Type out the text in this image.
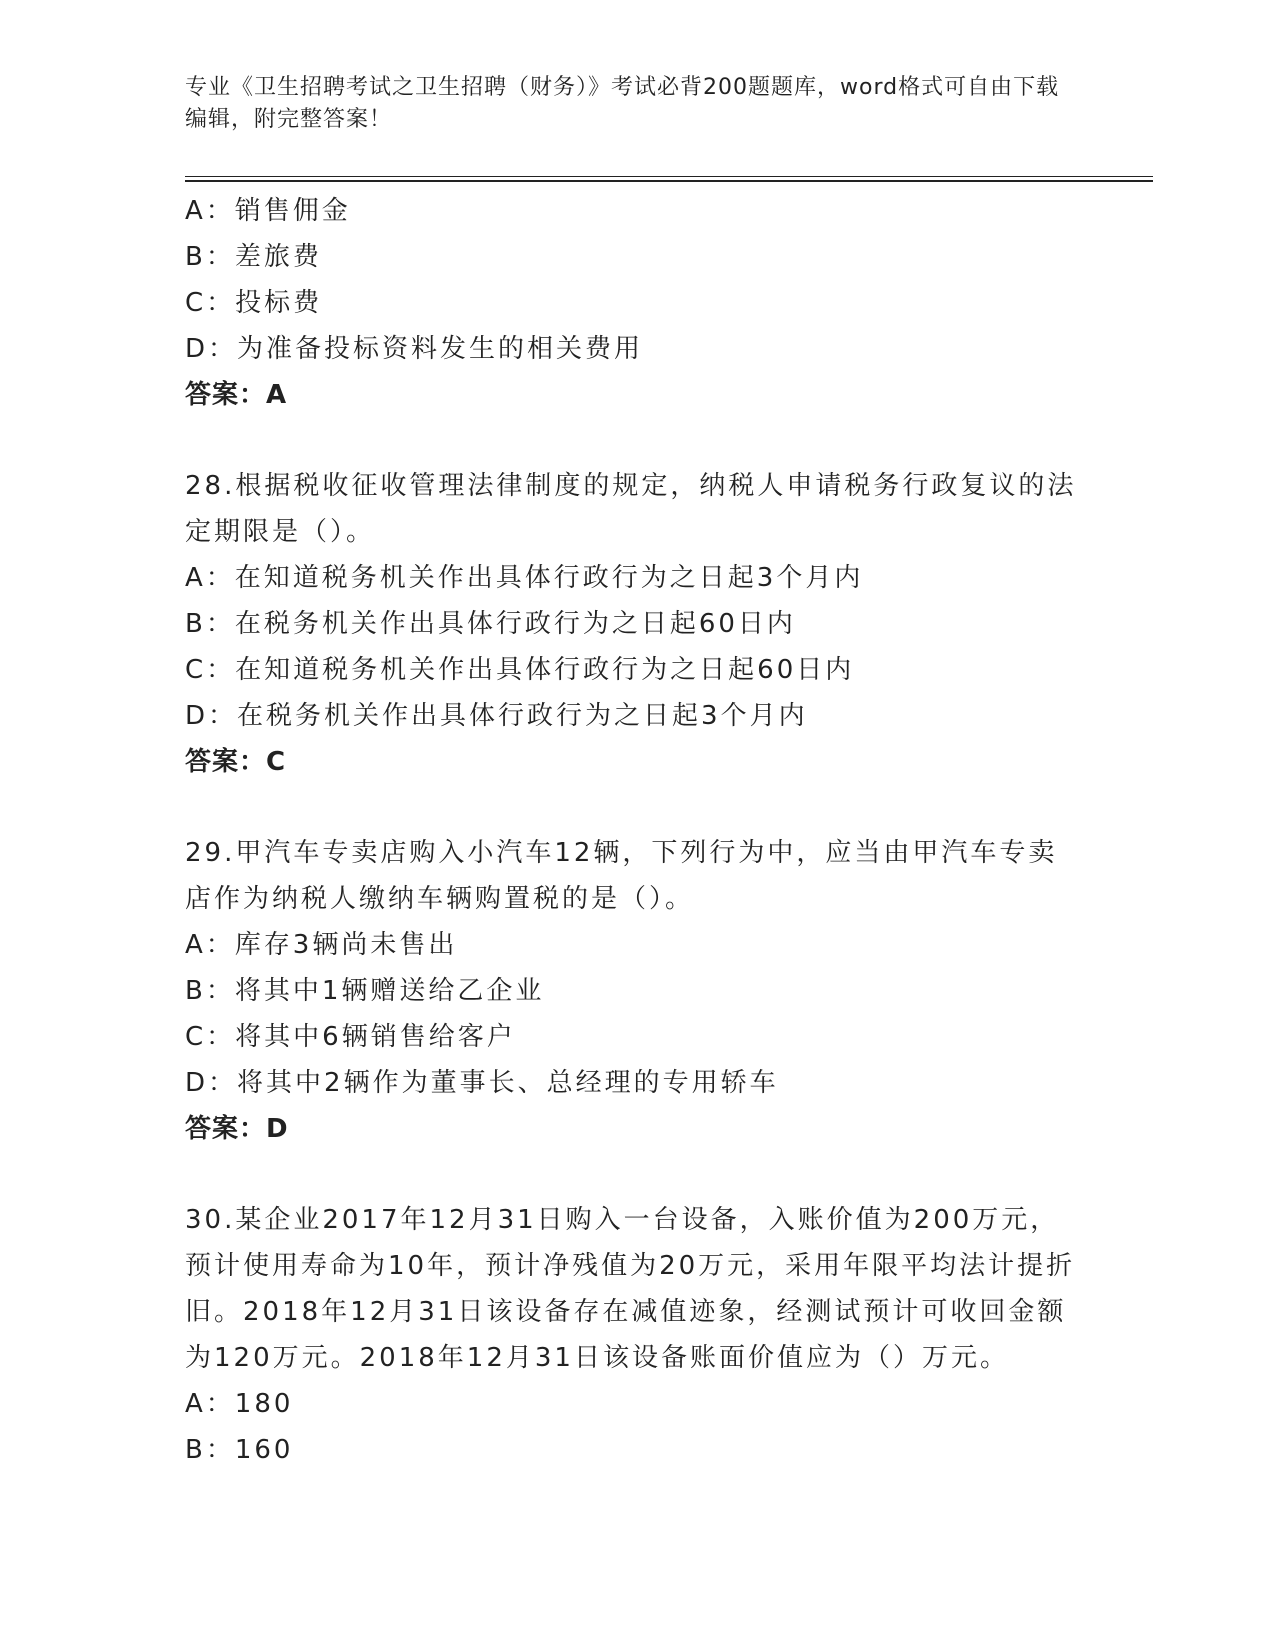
专业《卫生招聘考试之卫生招聘（财务）》考试必背200题题库，word格式可自由下载编辑，附完整答案！
A：销售佣金
B：差旅费
C：投标费
D：为准备投标资料发生的相关费用
答案：A
28.根据税收征收管理法律制度的规定，纳税人申请税务行政复议的法定期限是（）。
A：在知道税务机关作出具体行政行为之日起3个月内
B：在税务机关作出具体行政行为之日起60日内
C：在知道税务机关作出具体行政行为之日起60日内
D：在税务机关作出具体行政行为之日起3个月内
答案：C
29.甲汽车专卖店购入小汽车12辆，下列行为中，应当由甲汽车专卖店作为纳税人缴纳车辆购置税的是（）。
A：库存3辆尚未售出
B：将其中1辆赠送给乙企业
C：将其中6辆销售给客户
D：将其中2辆作为董事长、总经理的专用轿车
答案：D
30.某企业2017年12月31日购入一台设备，入账价值为200万元，预计使用寿命为10年，预计净残值为20万元，采用年限平均法计提折旧。2018年12月31日该设备存在减值迹象，经测试预计可收回金额为120万元。2018年12月31日该设备账面价值应为（）万元。
A：180
B：160
